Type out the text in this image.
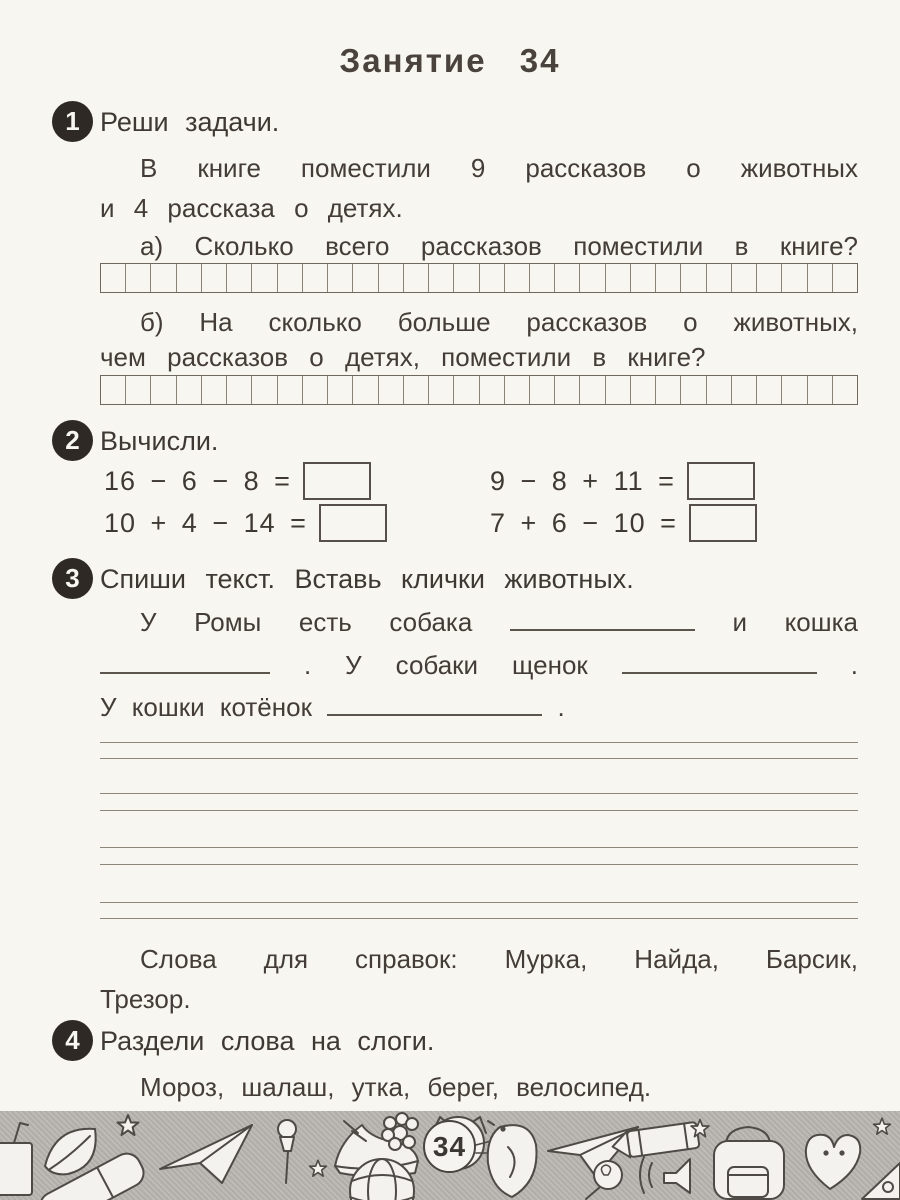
Занятие 34
1 Реши задачи.
В книге поместили 9 рассказов о животных
и 4 рассказа о детях.
а) Сколько всего рассказов поместили в книге?
б) На сколько больше рассказов о животных,
чем рассказов о детях, поместили в книге?
2 Вычисли.
16 − 6 − 8 =	9 − 8 + 11 =
10 + 4 − 14 =	7 + 6 − 10 =
3 Спиши текст. Вставь клички животных.
У Ромы есть собака	и кошка
. У собаки щенок	.
У кошки котёнок	.
Слова для справок: Мурка, Найда, Барсик,
Трезор.
4 Раздели слова на слоги.
Мороз, шалаш, утка, берег, велосипед.
34
